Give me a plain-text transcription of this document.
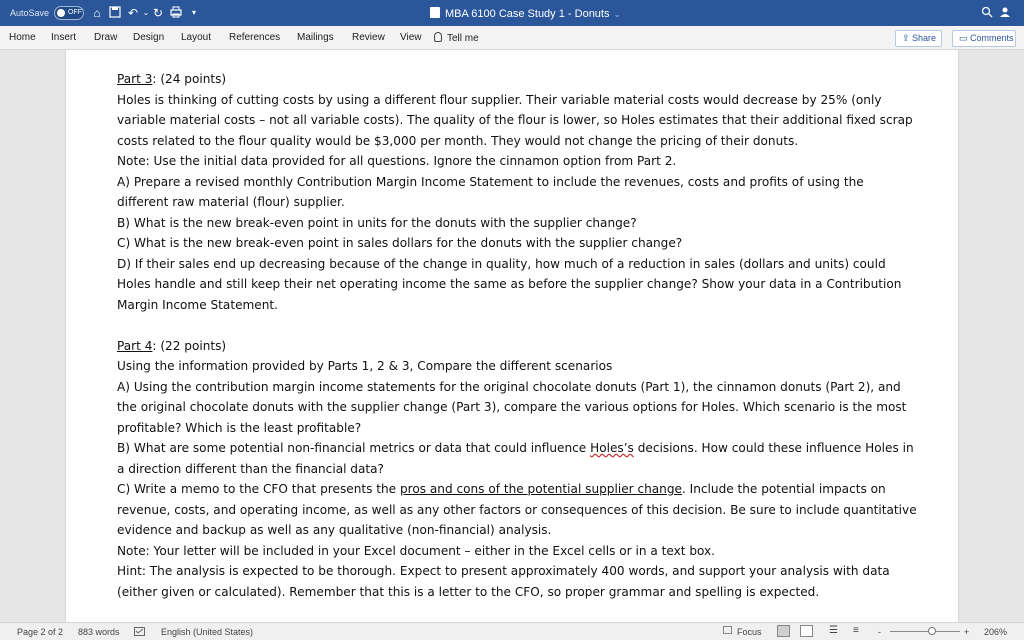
AutoSave	OFF ⌂ ↶ ⌄ ↻	▾	MBA 6100 Case Study 1 - Donuts ⌄
Home Insert Draw Design Layout References Mailings Review View	Tell me	⇪ Share	▭ Comments
Part 3: (24 points)
Holes is thinking of cutting costs by using a different flour supplier. Their variable material costs would decrease by 25% (only variable material costs – not all variable costs). The quality of the flour is lower, so Holes estimates that their additional fixed scrap costs related to the flour quality would be $3,000 per month. They would not change the pricing of their donuts.
Note: Use the initial data provided for all questions. Ignore the cinnamon option from Part 2.
A) Prepare a revised monthly Contribution Margin Income Statement to include the revenues, costs and profits of using the different raw material (flour) supplier.
B) What is the new break-even point in units for the donuts with the supplier change?
C) What is the new break-even point in sales dollars for the donuts with the supplier change?
D) If their sales end up decreasing because of the change in quality, how much of a reduction in sales (dollars and units) could Holes handle and still keep their net operating income the same as before the supplier change? Show your data in a Contribution Margin Income Statement.
Part 4: (22 points)
Using the information provided by Parts 1, 2 & 3, Compare the different scenarios
A) Using the contribution margin income statements for the original chocolate donuts (Part 1), the cinnamon donuts (Part 2), and the original chocolate donuts with the supplier change (Part 3), compare the various options for Holes. Which scenario is the most profitable? Which is the least profitable?
B) What are some potential non-financial metrics or data that could influence Holes’s decisions. How could these influence Holes in a direction different than the financial data?
C) Write a memo to the CFO that presents the pros and cons of the potential supplier change. Include the potential impacts on revenue, costs, and operating income, as well as any other factors or consequences of this decision. Be sure to include quantitative evidence and backup as well as any qualitative (non-financial) analysis.
Note: Your letter will be included in your Excel document – either in the Excel cells or in a text box.
Hint: The analysis is expected to be thorough. Expect to present approximately 400 words, and support your analysis with data (either given or calculated). Remember that this is a letter to the CFO, so proper grammar and spelling is expected.
Page 2 of 2 883 words	English (United States)	Focus	☰ ≡ -	+ 206%
